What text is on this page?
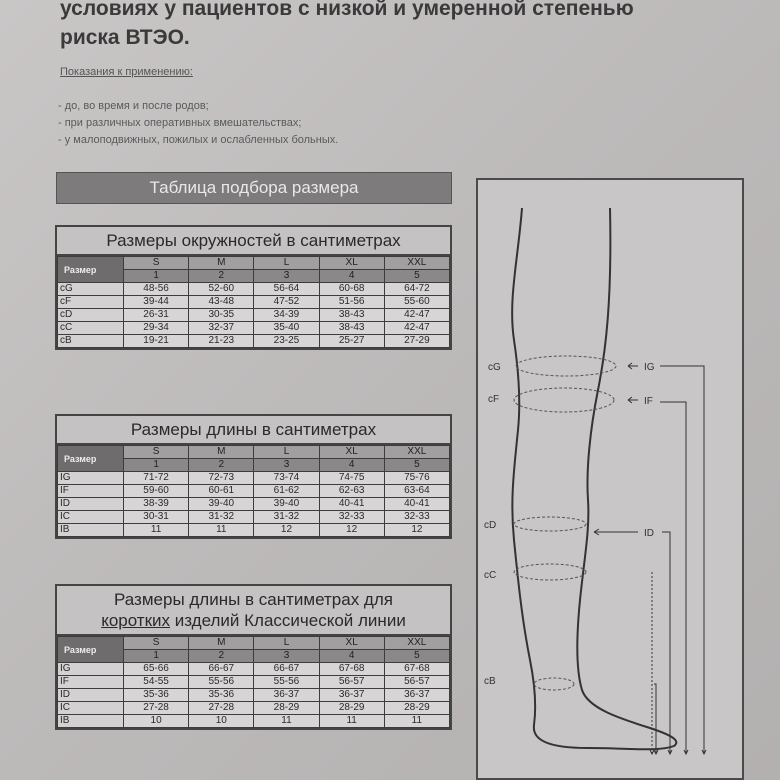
условиях у пациентов с низкой и умеренной степенью
риска ВТЭО.
Показания к применению:
- до, во время и после родов;
- при различных оперативных вмешательствах;
- у малоподвижных, пожилых и ослабленных больных.
Таблица подбора размера
Размеры окружностей в сантиметрах
Размер	S	M	L	XL	XXL
	1	2	3	4	5
cG	48-56	52-60	56-64	60-68	64-72
cF	39-44	43-48	47-52	51-56	55-60
cD	26-31	30-35	34-39	38-43	42-47
cC	29-34	32-37	35-40	38-43	42-47
cB	19-21	21-23	23-25	25-27	27-29
Размеры длины в сантиметрах
Размер	S	M	L	XL	XXL
	1	2	3	4	5
IG	71-72	72-73	73-74	74-75	75-76
IF	59-60	60-61	61-62	62-63	63-64
ID	38-39	39-40	39-40	40-41	40-41
IC	30-31	31-32	31-32	32-33	32-33
IB	11	11	12	12	12
Размеры длины в сантиметрах для
коротких изделий Классической линии
Размер	S	M	L	XL	XXL
	1	2	3	4	5
IG	65-66	66-67	66-67	67-68	67-68
IF	54-55	55-56	55-56	56-57	56-57
ID	35-36	35-36	36-37	36-37	36-37
IC	27-28	27-28	28-29	28-29	28-29
IB	10	10	11	11	11
cG
cF
cD
cC
cB
IG
IF
ID
